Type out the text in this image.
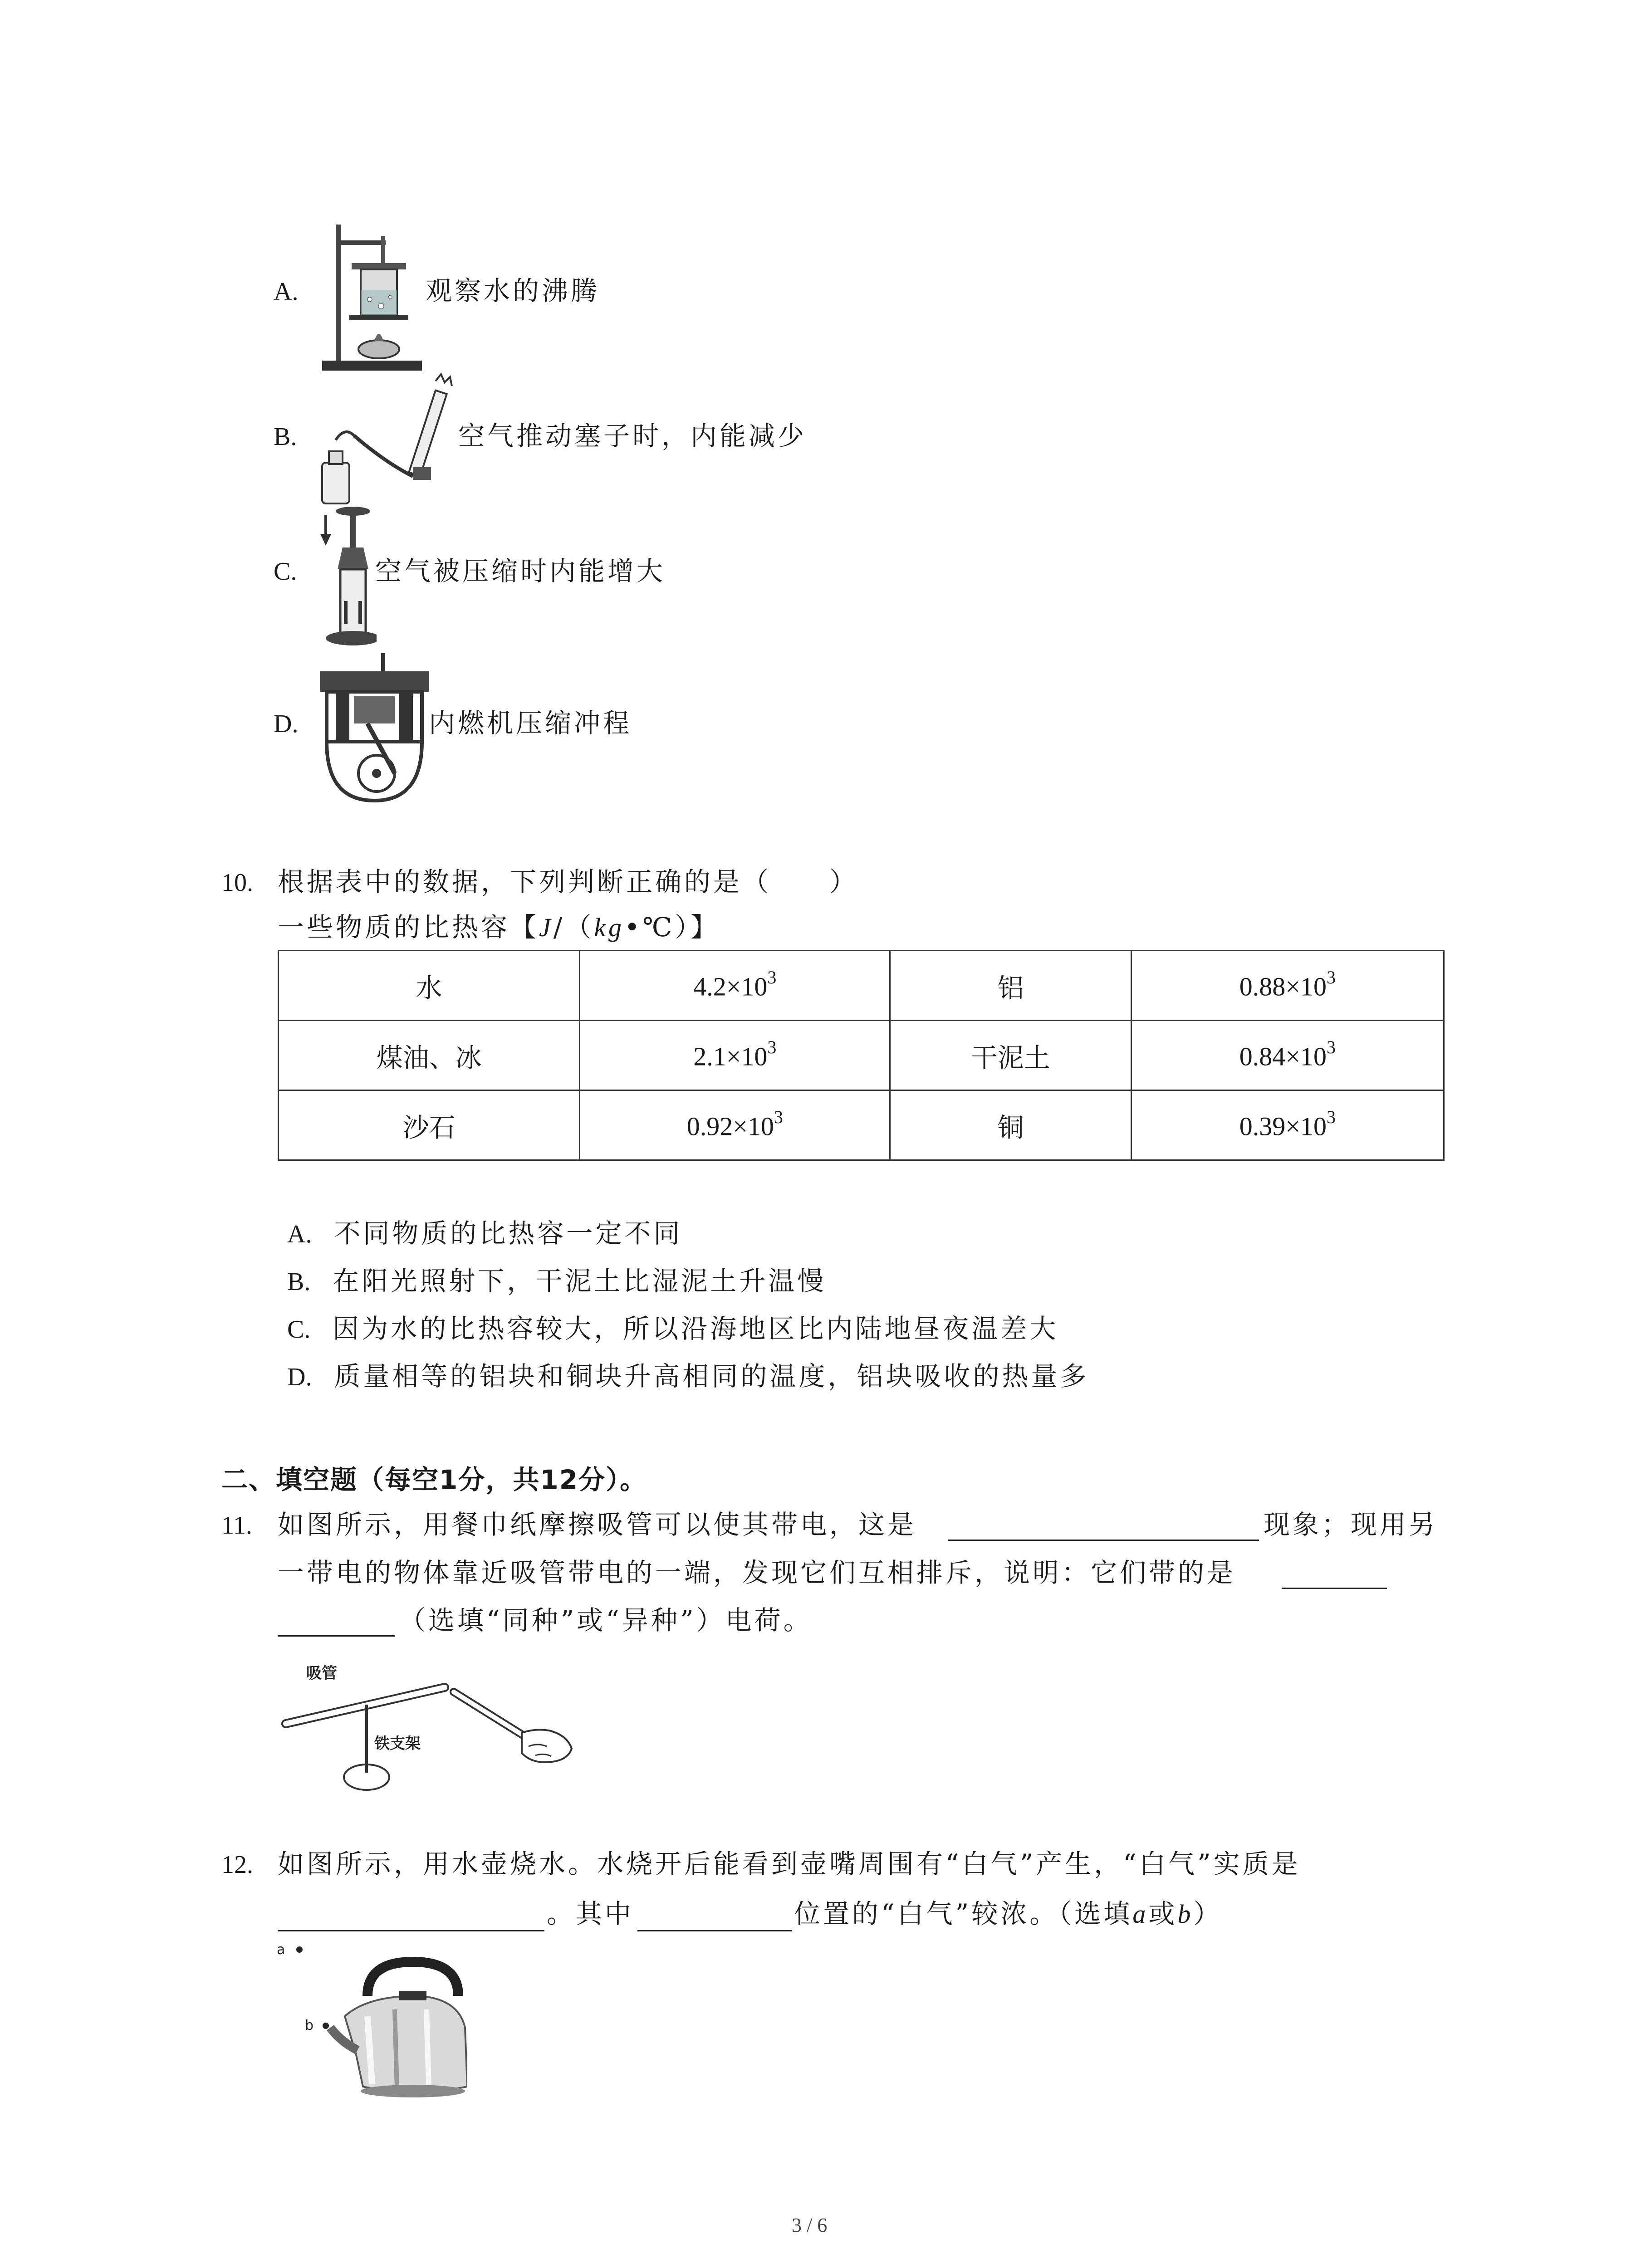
A.	观察水的沸腾
B.	空气推动塞子时，内能减少
C.	空气被压缩时内能增大
D.	内燃机压缩冲程
10. 根据表中的数据，下列判断正确的是（　　）
一些物质的比热容【J/（kg•℃）】
水	$4.2\times 10^3$	铝	$0.88\times 10^3$
煤油、冰	$2.1\times 10^3$	干泥土	$0.84\times 10^3$
沙石	$0.92\times 10^3$	铜	$0.39\times 10^3$
A. 不同物质的比热容一定不同
B. 在阳光照射下，干泥土比湿泥土升温慢
C. 因为水的比热容较大，所以沿海地区比内陆地昼夜温差大
D. 质量相等的铝块和铜块升高相同的温度，铝块吸收的热量多
二、填空题（每空1分，共12分）。
11. 如图所示，用餐巾纸摩擦吸管可以使其带电，这是	现象；现用另
一带电的物体靠近吸管带电的一端，发现它们互相排斥，说明：它们带的是
（选填“同种”或“异种”）电荷。
吸管
铁支架
12. 如图所示，用水壶烧水。水烧开后能看到壶嘴周围有“白气”产生，“白气”实质是
。其中	位置的“白气”较浓。（选填a或b）
a
b
3 / 6
